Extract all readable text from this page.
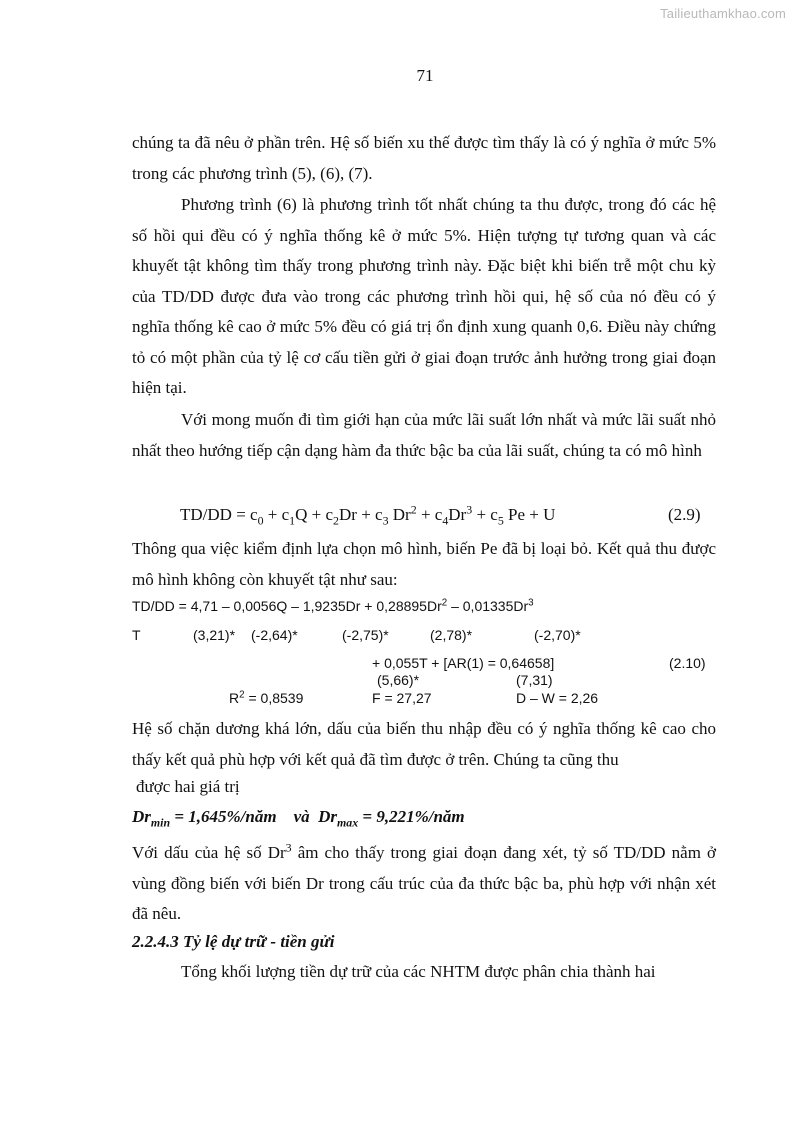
Tailieuthamkhao.com
71

chúng ta đã nêu ở phần trên. Hệ số biến xu thế được tìm thấy là có ý nghĩa ở mức 5% trong các phương trình (5), (6), (7).

Phương trình (6) là phương trình tốt nhất chúng ta thu được, trong đó các hệ số hồi qui đều có ý nghĩa thống kê ở mức 5%. Hiện tượng tự tương quan và các khuyết tật không tìm thấy trong phương trình này. Đặc biệt khi biến trễ một chu kỳ của TD/DD được đưa vào trong các phương trình hồi qui, hệ số của nó đều có ý nghĩa thống kê cao ở mức 5% đều có giá trị ổn định xung quanh 0,6. Điều này chứng tỏ có một phần của tỷ lệ cơ cấu tiền gửi ở giai đoạn trước ảnh hưởng trong giai đoạn hiện tại.

Với mong muốn đi tìm giới hạn của mức lãi suất lớn nhất và mức lãi suất nhỏ nhất theo hướng tiếp cận dạng hàm đa thức bậc ba của lãi suất, chúng ta có mô hình

$TD/DD = c_0 + c_1Q + c_2Dr + c_3$ $Dr^2 + c_4Dr^3 + c_5$ Pe + U	(2.9)

Thông qua việc kiểm định lựa chọn mô hình, biến Pe đã bị loại bỏ. Kết quả thu được mô hình không còn khuyết tật như sau:

$TD/DD = 4,71 - 0,0056Q - 1,9235Dr + 0,28895Dr^2 - 0,01335Dr^3$
T	(3,21)* (-2,64)*	(-2,75)*	(2,78)*	(-2,70)*
+ 0,055T + [AR(1) = 0,64658]	(2.10)
(5,66)*	(7,31)
$R^2 = 0,8539$	F = 27,27	D – W = 2,26

Hệ số chặn dương khá lớn, dấu của biến thu nhập đều có ý nghĩa thống kê cao cho thấy kết quả phù hợp với kết quả đã tìm được ở trên. Chúng ta cũng thu

được hai giá trị
$Dr_{min}$ = 1,645%/năm    và  $Dr_{max}$ = 9,221%/năm

Với dấu của hệ số Dr$^3$ âm cho thấy trong giai đoạn đang xét, tỷ số TD/DD nằm ở vùng đồng biến với biến Dr trong cấu trúc của đa thức bậc ba, phù hợp với nhận xét đã nêu.

2.2.4.3 Tỷ lệ dự trữ - tiền gửi
Tổng khối lượng tiền dự trữ của các NHTM được phân chia thành hai
